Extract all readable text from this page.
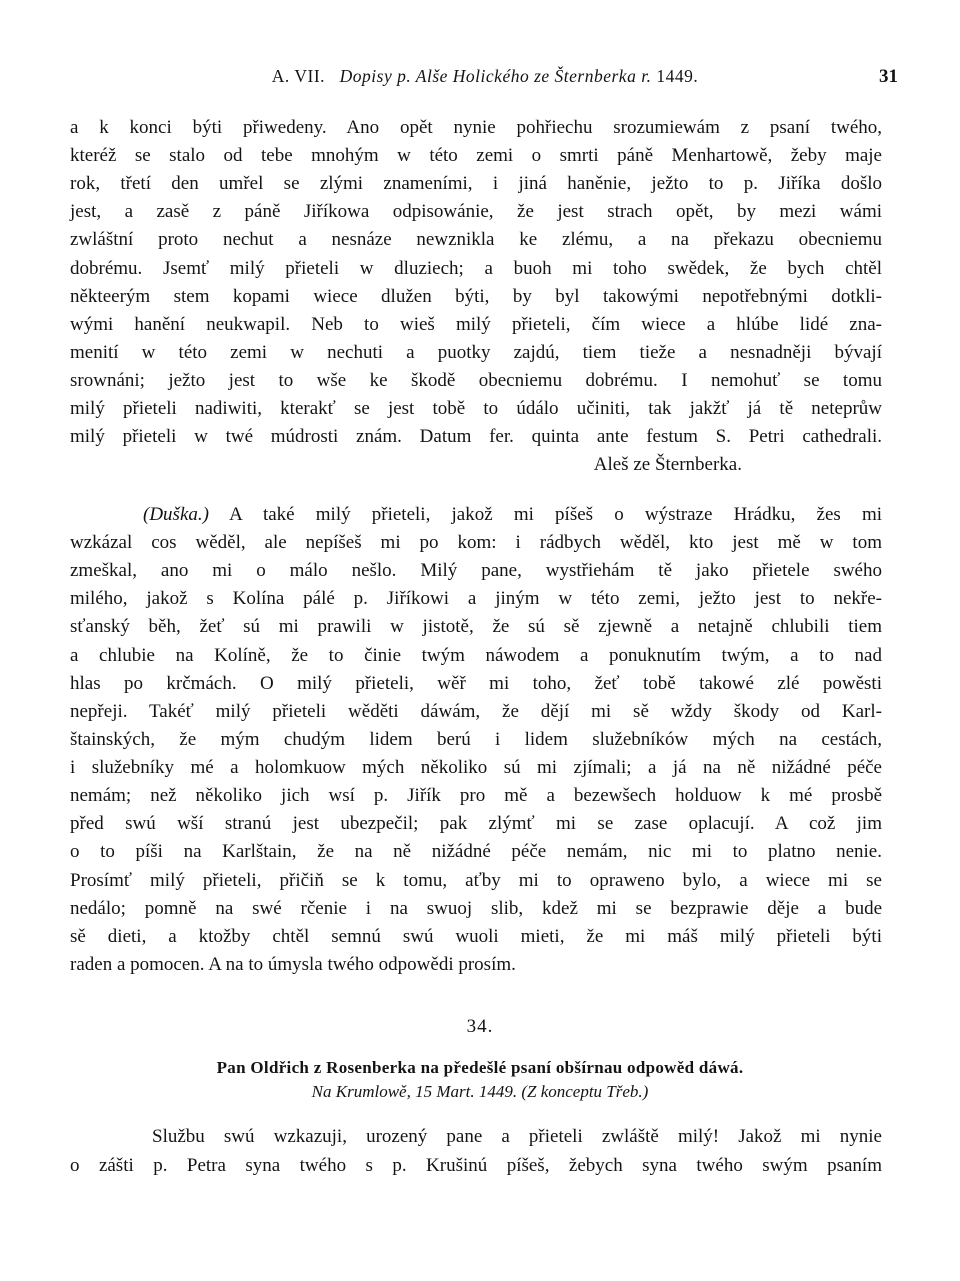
A. VII. Dopisy p. Alše Holického ze Šternberka r. 1449.	31
a k konci býti přiwedeny. Ano opět nynie pohřiechu srozumiewám z psaní twého,
kteréž se stalo od tebe mnohým w této zemi o smrti páně Menhartowě, žeby maje
rok, třetí den umřel se zlými znameními, i jiná haněnie, ježto to p. Jiříka došlo
jest, a zasě z páně Jiříkowa odpisowánie, že jest strach opět, by mezi wámi
zwláštní proto nechut a nesnáze newznikla ke zlému, a na překazu obecniemu
dobrému. Jsemť milý přieteli w dluziech; a buoh mi toho swědek, že bych chtěl
někteerým stem kopami wiece dlužen býti, by byl takowými nepotřebnými dotkli-
wými hanění neukwapil. Neb to wieš milý přieteli, čím wiece a hlúbe lidé zna-
menití w této zemi w nechuti a puotky zajdú, tiem tieže a nesnadněji bývají
srownáni; ježto jest to wše ke škodě obecniemu dobrému. I nemohuť se tomu
milý přieteli nadiwiti, kterakť se jest tobě to údálo učiniti, tak jakžť já tě neteprůw
milý přieteli w twé múdrosti znám. Datum fer. quinta ante festum S. Petri cathedrali.
Aleš ze Šternberka.
(Duška.) A také milý přieteli, jakož mi píšeš o wýstraze Hrádku, žes mi
wzkázal cos wěděl, ale nepíšeš mi po kom: i rádbych wěděl, kto jest mě w tom
zmeškal, ano mi o málo nešlo. Milý pane, wystřiehám tě jako přietele swého
milého, jakož s Kolína pálé p. Jiříkowi a jiným w této zemi, ježto jest to nekře-
sťanský běh, žeť sú mi prawili w jistotě, že sú sě zjewně a netajně chlubili tiem
a chlubie na Kolíně, že to činie twým náwodem a ponuknutím twým, a to nad
hlas po krčmách. O milý přieteli, wěř mi toho, žeť tobě takowé zlé powěsti
nepřeji. Takéť milý přieteli wěděti dáwám, že dějí mi sě wždy škody od Karl-
štainských, že mým chudým lidem berú i lidem služebníków mých na cestách,
i služebníky mé a holomkuow mých několiko sú mi zjímali; a já na ně nižádné péče
nemám; než několiko jich wsí p. Jiřík pro mě a bezewšech holduow k mé prosbě
před swú wší stranú jest ubezpečil; pak zlýmť mi se zase oplacují. A což jim
o to píši na Karlštain, že na ně nižádné péče nemám, nic mi to platno nenie.
Prosímť milý přieteli, přičiň se k tomu, aťby mi to opraweno bylo, a wiece mi se
nedálo; pomně na swé rčenie i na swuoj slib, kdež mi se bezprawie děje a bude
sě dieti, a ktožby chtěl semnú swú wuoli mieti, že mi máš milý přieteli býti
raden a pomocen. A na to úmysla twého odpowědi prosím.
34.
Pan Oldřich z Rosenberka na předešlé psaní obšírnau odpowěd dáwá.
Na Krumlowě, 15 Mart. 1449. (Z konceptu Třeb.)
Službu swú wzkazuji, urozený pane a přieteli zwláště milý! Jakož mi nynie
o zášti p. Petra syna twého s p. Krušinú píšeš, žebych syna twého swým psaním
